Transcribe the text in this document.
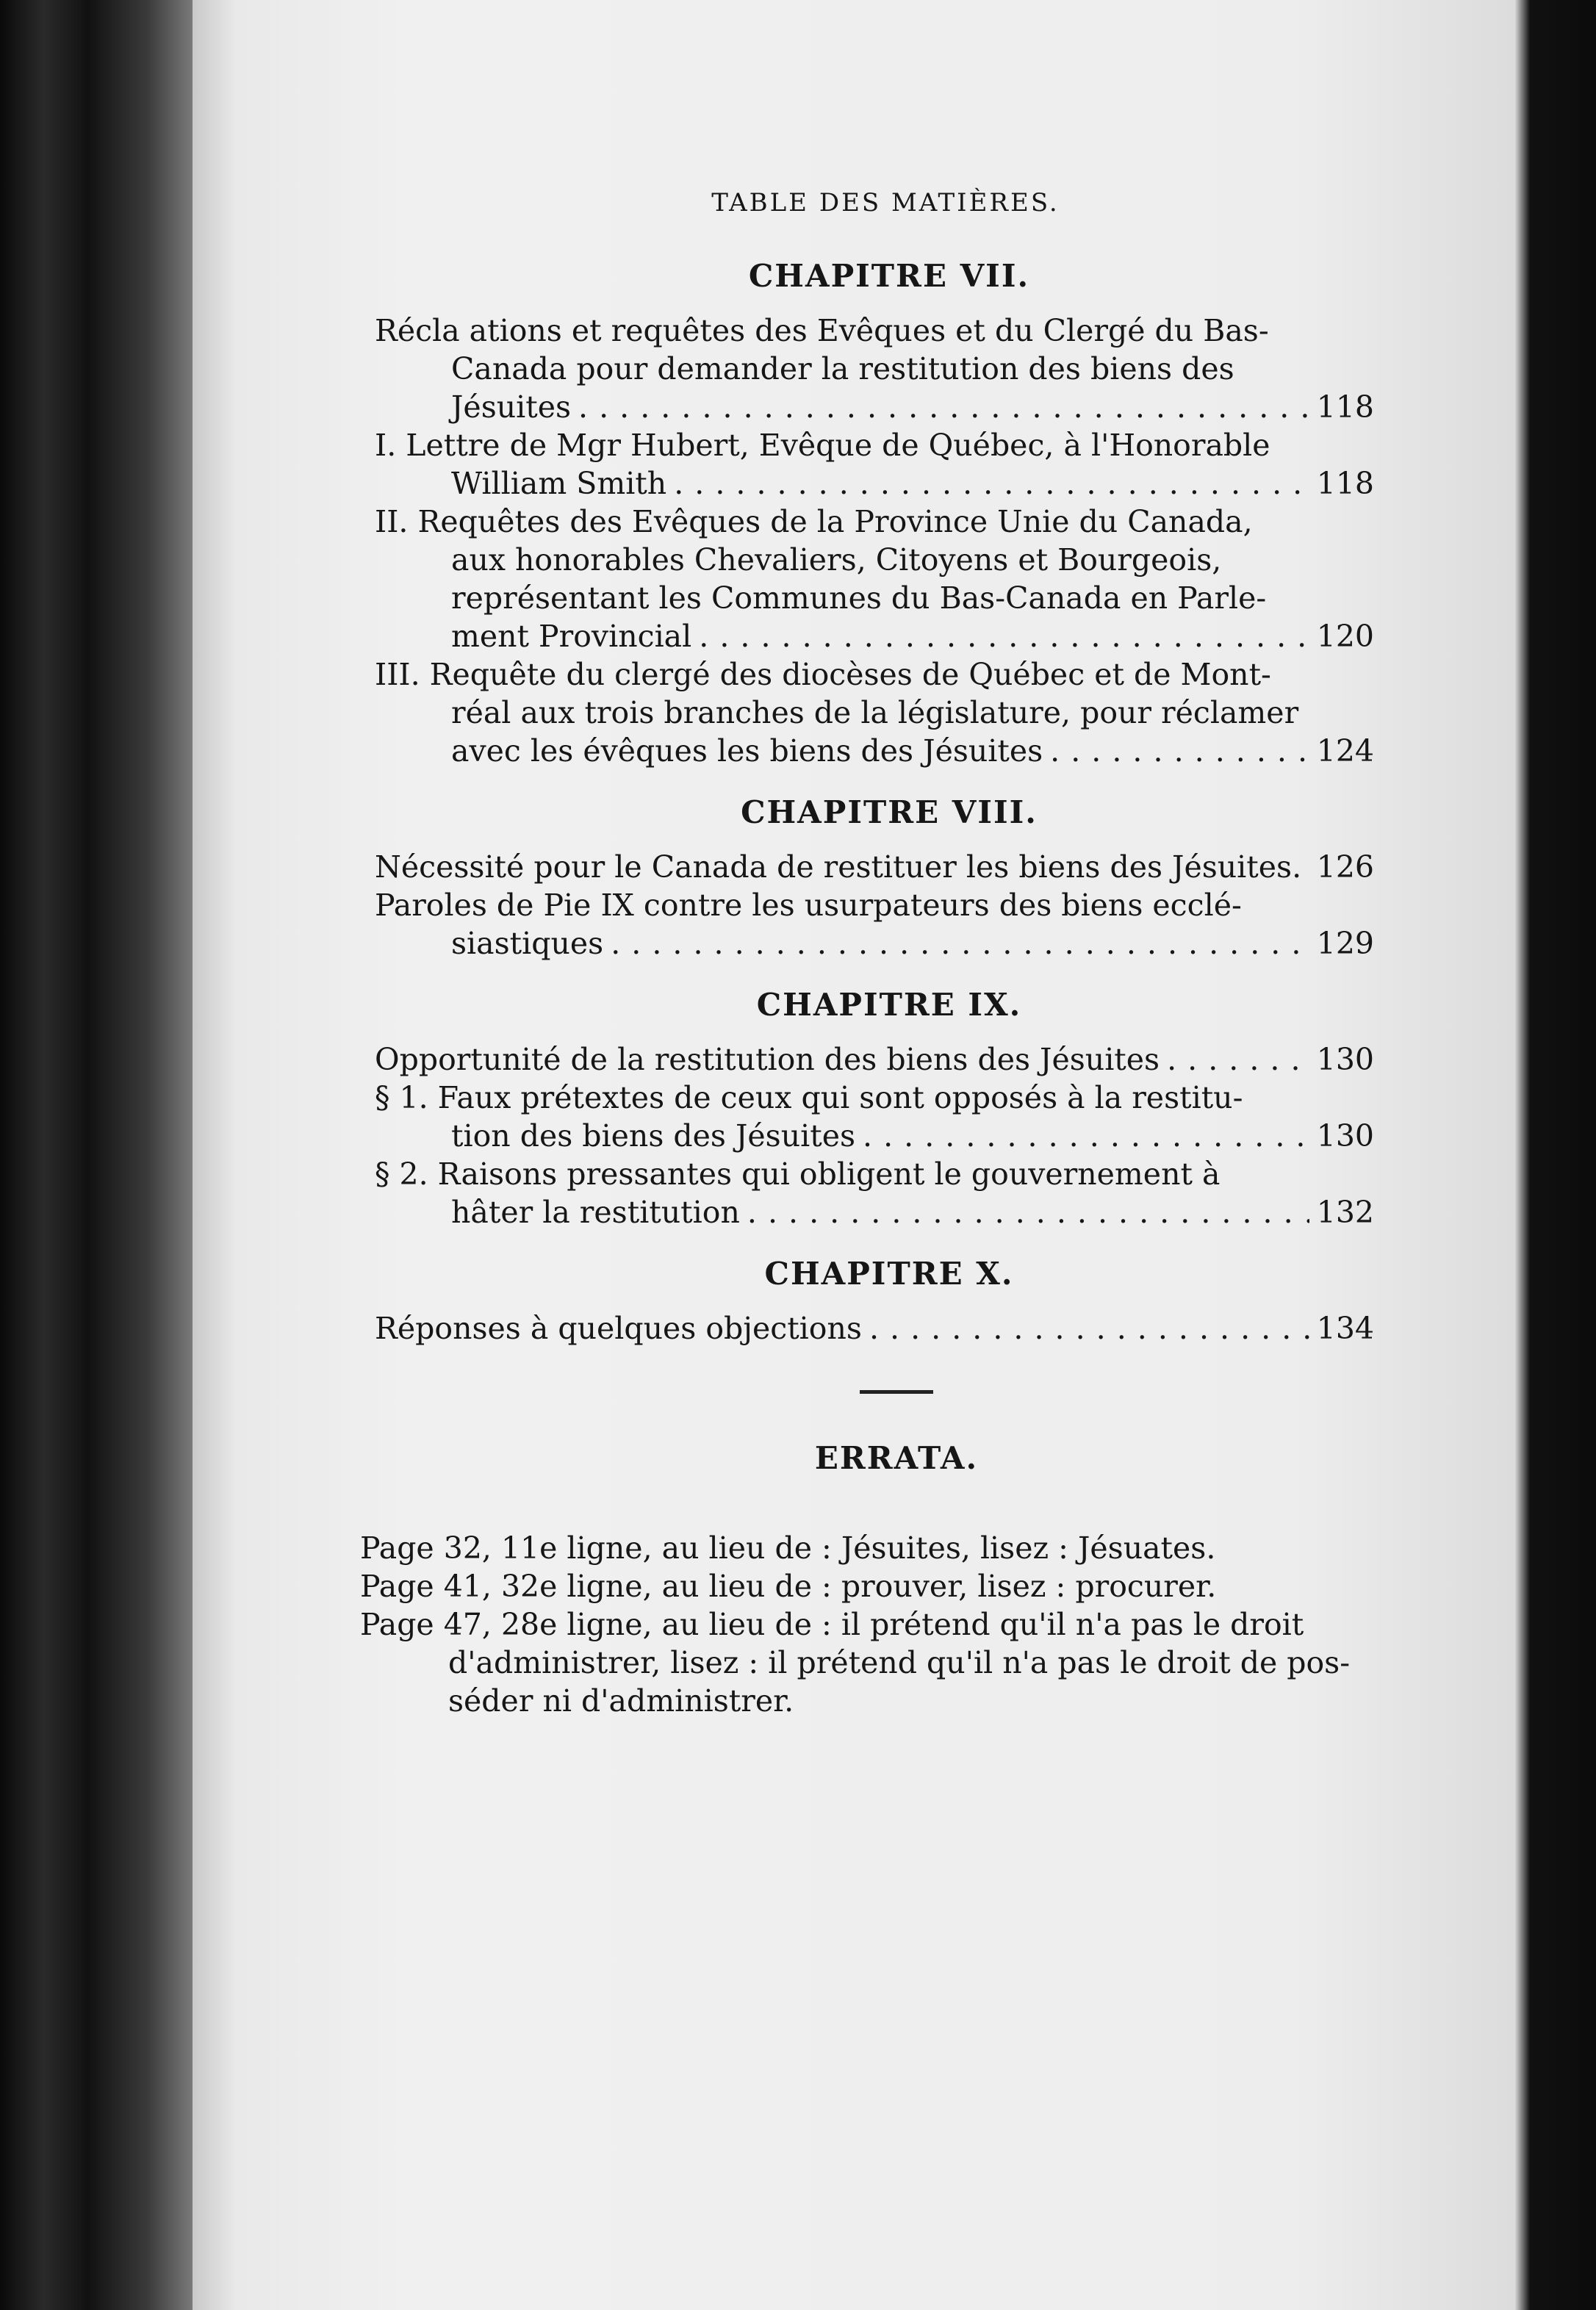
TABLE DES MATIÈRES.
CHAPITRE VII.
Récla ations et requêtes des Evêques et du Clergé du Bas-
Canada pour demander la restitution des biens des
Jésuites . . .	118
I. Lettre de Mgr Hubert, Evêque de Québec, à l'Honorable
William Smith . . .	118
II. Requêtes des Evêques de la Province Unie du Canada,
aux honorables Chevaliers, Citoyens et Bourgeois,
représentant les Communes du Bas-Canada en Parle-
ment Provincial . . .	120
III. Requête du clergé des diocèses de Québec et de Mont-
réal aux trois branches de la législature, pour réclamer
avec les évêques les biens des Jésuites . . .	124
CHAPITRE VIII.
Nécessité pour le Canada de restituer les biens des Jésuites. 126
Paroles de Pie IX contre les usurpateurs des biens ecclé-
siastiques . . .	129
CHAPITRE IX.
Opportunité de la restitution des biens des Jésuites . . .	130
§ 1. Faux prétextes de ceux qui sont opposés à la restitu-
tion des biens des Jésuites . . .	130
§ 2. Raisons pressantes qui obligent le gouvernement à
hâter la restitution . . .	132
CHAPITRE X.
Réponses à quelques objections . . .	134
ERRATA.
Page 32, 11e ligne, au lieu de : Jésuites, lisez : Jésuates.
Page 41, 32e ligne, au lieu de : prouver, lisez : procurer.
Page 47, 28e ligne, au lieu de : il prétend qu'il n'a pas le droit
d'administrer, lisez : il prétend qu'il n'a pas le droit de pos-
séder ni d'administrer.
